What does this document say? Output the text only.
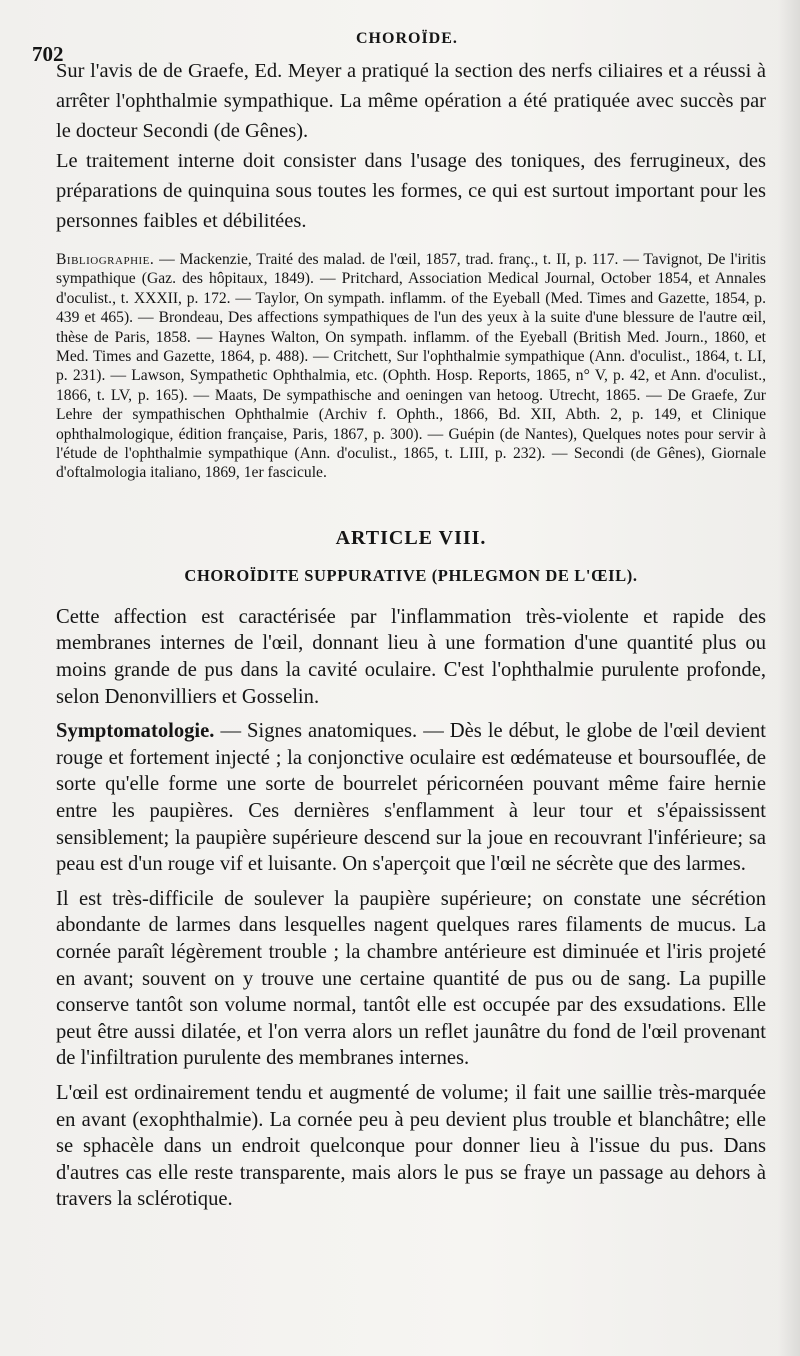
702
CHOROÏDE.

Sur l'avis de de Graefe, Ed. Meyer a pratiqué la section des nerfs ciliaires et a réussi à arrêter l'ophthalmie sympathique. La même opération a été pratiquée avec succès par le docteur Secondi (de Gênes).

Le traitement interne doit consister dans l'usage des toniques, des ferrugineux, des préparations de quinquina sous toutes les formes, ce qui est surtout important pour les personnes faibles et débilitées.

Bibliographie. — Mackenzie, Traité des malad. de l'œil, 1857, trad. franç., t. II, p. 117. — Tavignot, De l'iritis sympathique (Gaz. des hôpitaux, 1849). — Pritchard, Association Medical Journal, October 1854, et Annales d'oculist., t. XXXII, p. 172. — Taylor, On sympath. inflamm. of the Eyeball (Med. Times and Gazette, 1854, p. 439 et 465). — Brondeau, Des affections sympathiques de l'un des yeux à la suite d'une blessure de l'autre œil, thèse de Paris, 1858. — Haynes Walton, On sympath. inflamm. of the Eyeball (British Med. Journ., 1860, et Med. Times and Gazette, 1864, p. 488). — Critchett, Sur l'ophthalmie sympathique (Ann. d'oculist., 1864, t. LI, p. 231). — Lawson, Sympathetic Ophthalmia, etc. (Ophth. Hosp. Reports, 1865, n° V, p. 42, et Ann. d'oculist., 1866, t. LV, p. 165). — Maats, De sympathische and oeningen van hetoog. Utrecht, 1865. — De Graefe, Zur Lehre der sympathischen Ophthalmie (Archiv f. Ophth., 1866, Bd. XII, Abth. 2, p. 149, et Clinique ophthalmologique, édition française, Paris, 1867, p. 300). — Guépin (de Nantes), Quelques notes pour servir à l'étude de l'ophthalmie sympathique (Ann. d'oculist., 1865, t. LIII, p. 232). — Secondi (de Gênes), Giornale d'oftalmologia italiano, 1869, 1er fascicule.
ARTICLE VIII.
CHOROÏDITE SUPPURATIVE (PHLEGMON DE L'ŒIL).

Cette affection est caractérisée par l'inflammation très-violente et rapide des membranes internes de l'œil, donnant lieu à une formation d'une quantité plus ou moins grande de pus dans la cavité oculaire. C'est l'ophthalmie purulente profonde, selon Denonvilliers et Gosselin.

Symptomatologie. — Signes anatomiques. — Dès le début, le globe de l'œil devient rouge et fortement injecté ; la conjonctive oculaire est œdémateuse et boursouflée, de sorte qu'elle forme une sorte de bourrelet péricornéen pouvant même faire hernie entre les paupières. Ces dernières s'enflamment à leur tour et s'épaississent sensiblement; la paupière supérieure descend sur la joue en recouvrant l'inférieure; sa peau est d'un rouge vif et luisante. On s'aperçoit que l'œil ne sécrète que des larmes.

Il est très-difficile de soulever la paupière supérieure; on constate une sécrétion abondante de larmes dans lesquelles nagent quelques rares filaments de mucus. La cornée paraît légèrement trouble ; la chambre antérieure est diminuée et l'iris projeté en avant; souvent on y trouve une certaine quantité de pus ou de sang. La pupille conserve tantôt son volume normal, tantôt elle est occupée par des exsudations. Elle peut être aussi dilatée, et l'on verra alors un reflet jaunâtre du fond de l'œil provenant de l'infiltration purulente des membranes internes.

L'œil est ordinairement tendu et augmenté de volume; il fait une saillie très-marquée en avant (exophthalmie). La cornée peu à peu devient plus trouble et blanchâtre; elle se sphacèle dans un endroit quelconque pour donner lieu à l'issue du pus. Dans d'autres cas elle reste transparente, mais alors le pus se fraye un passage au dehors à travers la sclérotique.
